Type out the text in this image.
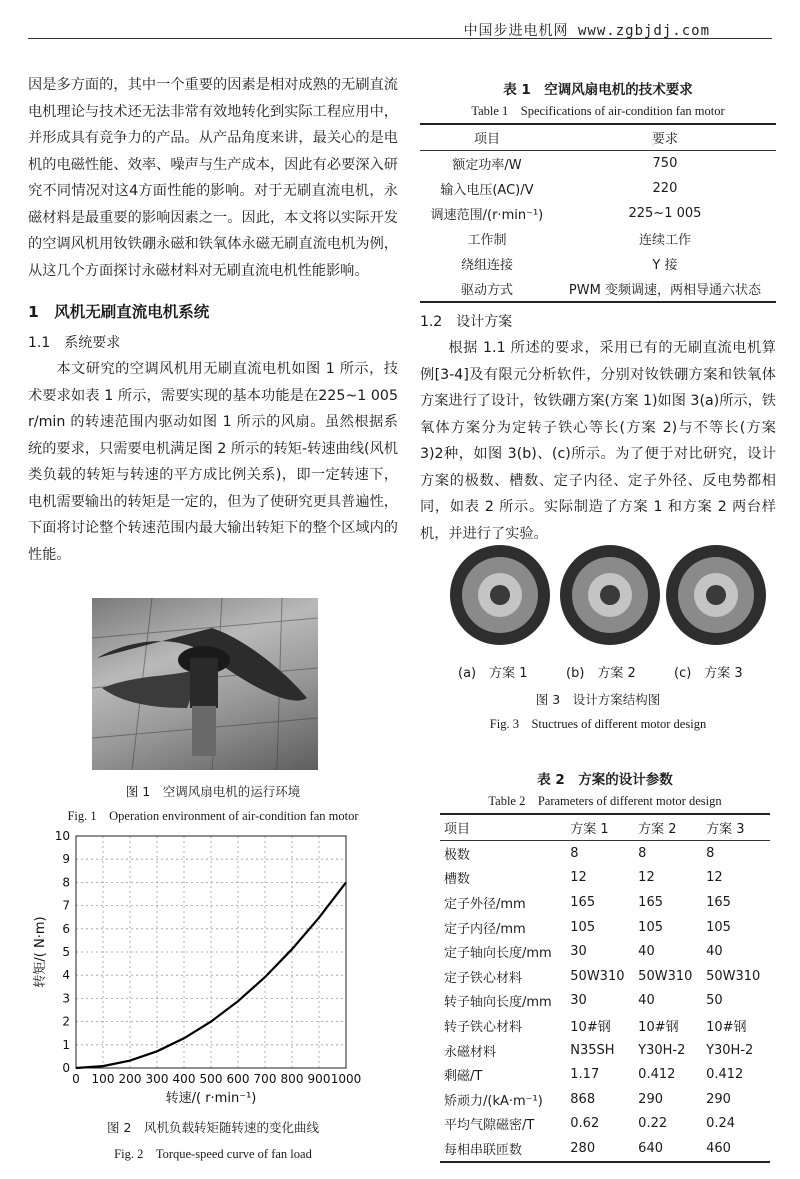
中国步进电机网 www.zgbjdj.com

因是多方面的，其中一个重要的因素是相对成熟的无刷直流电机理论与技术还无法非常有效地转化到实际工程应用中，并形成具有竞争力的产品。从产品角度来讲，最关心的是电机的电磁性能、效率、噪声与生产成本，因此有必要深入研究不同情况对这4方面性能的影响。对于无刷直流电机，永磁材料是最重要的影响因素之一。因此，本文将以实际开发的空调风机用钕铁硼永磁和铁氧体永磁无刷直流电机为例，从这几个方面探讨永磁材料对无刷直流电机性能影响。

1　风机无刷直流电机系统
1.1　系统要求

本文研究的空调风机用无刷直流电机如图 1 所示，技术要求如表 1 所示，需要实现的基本功能是在225~1 005 r/min 的转速范围内驱动如图 1 所示的风扇。虽然根据系统的要求，只需要电机满足图 2 所示的转矩-转速曲线(风机类负载的转矩与转速的平方成比例关系)，即一定转速下，电机需要输出的转矩是一定的，但为了使研究更具普遍性，下面将讨论整个转速范围内最大输出转矩下的整个区域内的性能。

图 1　空调风扇电机的运行环境
Fig. 1　Operation environment of air-condition fan motor
0 100 200 300 400 500 600 700 800 900 1000
0
1
2
3
4
5
6
7
8
9
10
转速/( r·min⁻¹)
转矩/( N·m)
图 2　风机负载转矩随转速的变化曲线
Fig. 2　Torque-speed curve of fan load
表 1　空调风扇电机的技术要求
Table 1　Specifications of air-condition fan motor
项目	要求
额定功率/W	750
输入电压(AC)/V	220
调速范围/(r·min⁻¹)	225~1 005
工作制	连续工作
绕组连接	Y 接
驱动方式	PWM 变频调速，两相导通六状态
1.2　设计方案

根据 1.1 所述的要求，采用已有的无刷直流电机算例[3-4]及有限元分析软件，分别对钕铁硼方案和铁氧体方案进行了设计，钕铁硼方案(方案 1)如图 3(a)所示，铁氧体方案分为定转子铁心等长(方案 2)与不等长(方案 3)2种，如图 3(b)、(c)所示。为了便于对比研究，设计方案的极数、槽数、定子内径、定子外径、反电势都相同，如表 2 所示。实际制造了方案 1 和方案 2 两台样机，并进行了实验。

(a)　方案 1	(b)　方案 2	(c)　方案 3
图 3　设计方案结构图
Fig. 3　Stuctrues of different motor design
表 2　方案的设计参数
Table 2　Parameters of different motor design
项目	方案 1	方案 2	方案 3
极数	8	8	8
槽数	12	12	12
定子外径/mm	165	165	165
定子内径/mm	105	105	105
定子轴向长度/mm	30	40	40
定子铁心材料	50W310	50W310	50W310
转子轴向长度/mm	30	40	50
转子铁心材料	10#钢	10#钢	10#钢
永磁材料	N35SH	Y30H-2	Y30H-2
剩磁/T	1.17	0.412	0.412
矫顽力/(kA·m⁻¹)	868	290	290
平均气隙磁密/T	0.62	0.22	0.24
每相串联匝数	280	640	460
